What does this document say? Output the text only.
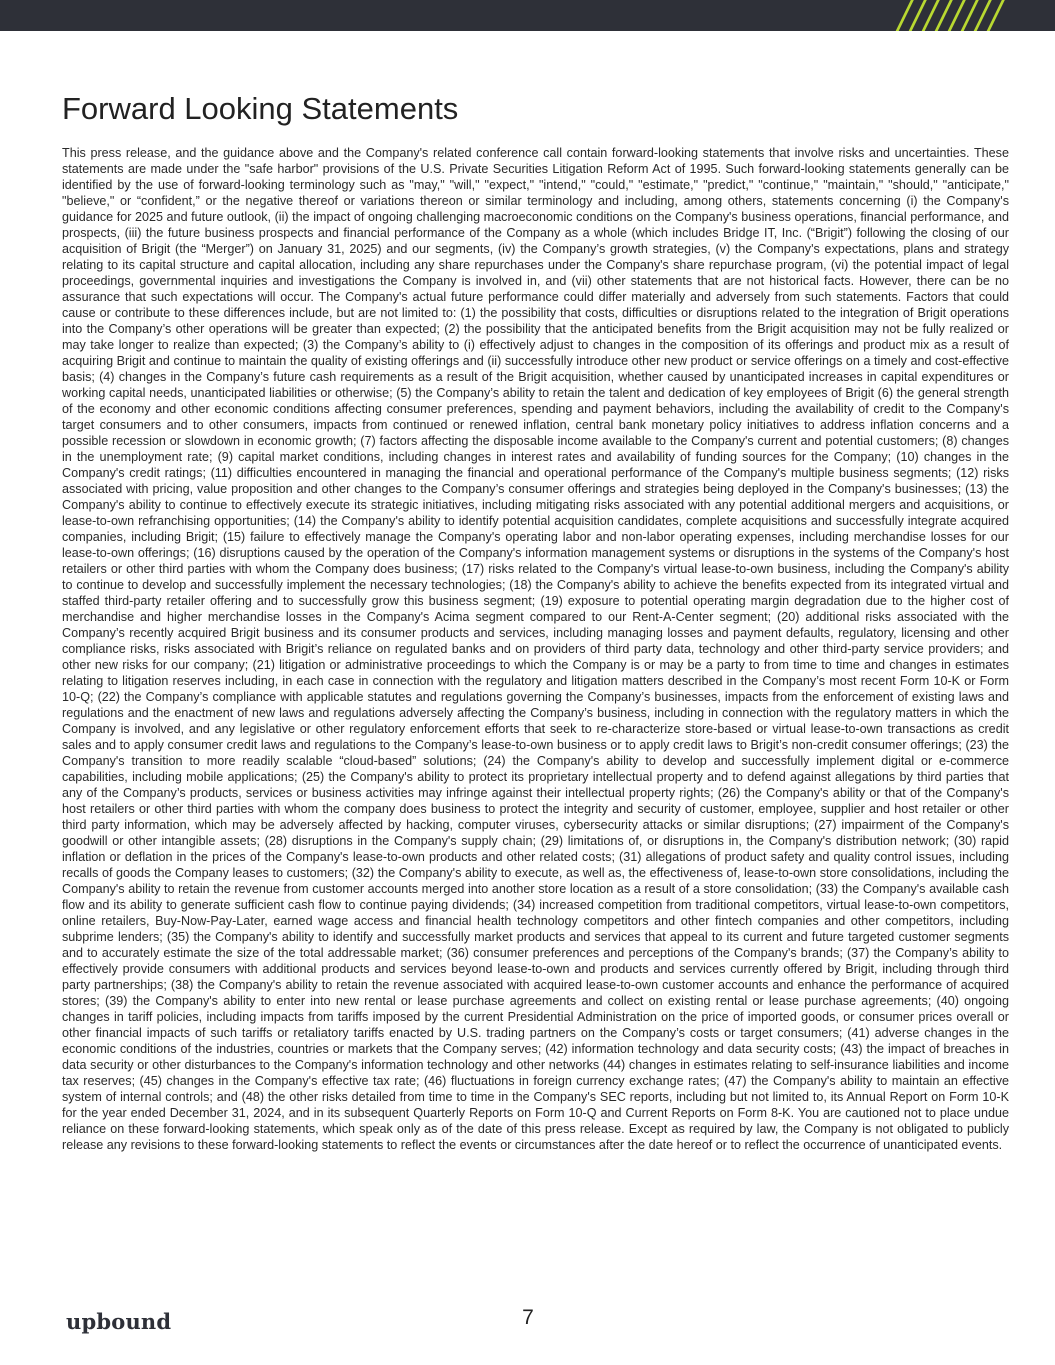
Forward Looking Statements

This press release, and the guidance above and the Company's related conference call contain forward-looking statements that involve risks and uncertainties. These statements are made under the "safe harbor" provisions of the U.S. Private Securities Litigation Reform Act of 1995. Such forward-looking statements generally can be identified by the use of forward-looking terminology such as "may," "will," "expect," "intend," "could," "estimate," "predict," "continue," "maintain," "should," "anticipate," "believe," or “confident,” or the negative thereof or variations thereon or similar terminology and including, among others, statements concerning (i) the Company's guidance for 2025 and future outlook, (ii) the impact of ongoing challenging macroeconomic conditions on the Company's business operations, financial performance, and prospects, (iii) the future business prospects and financial performance of the Company as a whole (which includes Bridge IT, Inc. (“Brigit”) following the closing of our acquisition of Brigit (the “Merger”) on January 31, 2025) and our segments, (iv) the Company’s growth strategies, (v) the Company's expectations, plans and strategy relating to its capital structure and capital allocation, including any share repurchases under the Company's share repurchase program, (vi) the potential impact of legal proceedings, governmental inquiries and investigations the Company is involved in, and (vii) other statements that are not historical facts. However, there can be no assurance that such expectations will occur. The Company's actual future performance could differ materially and adversely from such statements. Factors that could cause or contribute to these differences include, but are not limited to: (1) the possibility that costs, difficulties or disruptions related to the integration of Brigit operations into the Company’s other operations will be greater than expected; (2) the possibility that the anticipated benefits from the Brigit acquisition may not be fully realized or may take longer to realize than expected; (3) the Company’s ability to (i) effectively adjust to changes in the composition of its offerings and product mix as a result of acquiring Brigit and continue to maintain the quality of existing offerings and (ii) successfully introduce other new product or service offerings on a timely and cost-effective basis; (4) changes in the Company’s future cash requirements as a result of the Brigit acquisition, whether caused by unanticipated increases in capital expenditures or working capital needs, unanticipated liabilities or otherwise; (5) the Company’s ability to retain the talent and dedication of key employees of Brigit (6) the general strength of the economy and other economic conditions affecting consumer preferences, spending and payment behaviors, including the availability of credit to the Company's target consumers and to other consumers, impacts from continued or renewed inflation, central bank monetary policy initiatives to address inflation concerns and a possible recession or slowdown in economic growth; (7) factors affecting the disposable income available to the Company's current and potential customers; (8) changes in the unemployment rate; (9) capital market conditions, including changes in interest rates and availability of funding sources for the Company; (10) changes in the Company's credit ratings; (11) difficulties encountered in managing the financial and operational performance of the Company's multiple business segments; (12) risks associated with pricing, value proposition and other changes to the Company’s consumer offerings and strategies being deployed in the Company's businesses; (13) the Company's ability to continue to effectively execute its strategic initiatives, including mitigating risks associated with any potential additional mergers and acquisitions, or lease-to-own refranchising opportunities; (14) the Company's ability to identify potential acquisition candidates, complete acquisitions and successfully integrate acquired companies, including Brigit; (15) failure to effectively manage the Company's operating labor and non-labor operating expenses, including merchandise losses for our lease-to-own offerings; (16) disruptions caused by the operation of the Company's information management systems or disruptions in the systems of the Company's host retailers or other third parties with whom the Company does business; (17) risks related to the Company's virtual lease-to-own business, including the Company's ability to continue to develop and successfully implement the necessary technologies; (18) the Company's ability to achieve the benefits expected from its integrated virtual and staffed third-party retailer offering and to successfully grow this business segment; (19) exposure to potential operating margin degradation due to the higher cost of merchandise and higher merchandise losses in the Company's Acima segment compared to our Rent-A-Center segment; (20) additional risks associated with the Company’s recently acquired Brigit business and its consumer products and services, including managing losses and payment defaults, regulatory, licensing and other compliance risks, risks associated with Brigit’s reliance on regulated banks and on providers of third party data, technology and other third-party service providers; and other new risks for our company; (21) litigation or administrative proceedings to which the Company is or may be a party to from time to time and changes in estimates relating to litigation reserves including, in each case in connection with the regulatory and litigation matters described in the Company’s most recent Form 10-K or Form 10-Q; (22) the Company’s compliance with applicable statutes and regulations governing the Company’s businesses, impacts from the enforcement of existing laws and regulations and the enactment of new laws and regulations adversely affecting the Company’s business, including in connection with the regulatory matters in which the Company is involved, and any legislative or other regulatory enforcement efforts that seek to re-characterize store-based or virtual lease-to-own transactions as credit sales and to apply consumer credit laws and regulations to the Company’s lease-to-own business or to apply credit laws to Brigit’s non-credit consumer offerings; (23) the Company's transition to more readily scalable “cloud-based” solutions; (24) the Company's ability to develop and successfully implement digital or e-commerce capabilities, including mobile applications; (25) the Company's ability to protect its proprietary intellectual property and to defend against allegations by third parties that any of the Company’s products, services or business activities may infringe against their intellectual property rights; (26) the Company's ability or that of the Company's host retailers or other third parties with whom the company does business to protect the integrity and security of customer, employee, supplier and host retailer or other third party information, which may be adversely affected by hacking, computer viruses, cybersecurity attacks or similar disruptions; (27) impairment of the Company's goodwill or other intangible assets; (28) disruptions in the Company's supply chain; (29) limitations of, or disruptions in, the Company's distribution network; (30) rapid inflation or deflation in the prices of the Company's lease-to-own products and other related costs; (31) allegations of product safety and quality control issues, including recalls of goods the Company leases to customers; (32) the Company's ability to execute, as well as, the effectiveness of, lease-to-own store consolidations, including the Company's ability to retain the revenue from customer accounts merged into another store location as a result of a store consolidation; (33) the Company's available cash flow and its ability to generate sufficient cash flow to continue paying dividends; (34) increased competition from traditional competitors, virtual lease-to-own competitors, online retailers, Buy-Now-Pay-Later, earned wage access and financial health technology competitors and other fintech companies and other competitors, including subprime lenders; (35) the Company's ability to identify and successfully market products and services that appeal to its current and future targeted customer segments and to accurately estimate the size of the total addressable market; (36) consumer preferences and perceptions of the Company's brands; (37) the Company’s ability to effectively provide consumers with additional products and services beyond lease-to-own and products and services currently offered by Brigit, including through third party partnerships; (38) the Company's ability to retain the revenue associated with acquired lease-to-own customer accounts and enhance the performance of acquired stores; (39) the Company's ability to enter into new rental or lease purchase agreements and collect on existing rental or lease purchase agreements; (40) ongoing changes in tariff policies, including impacts from tariffs imposed by the current Presidential Administration on the price of imported goods, or consumer prices overall or other financial impacts of such tariffs or retaliatory tariffs enacted by U.S. trading partners on the Company’s costs or target consumers; (41) adverse changes in the economic conditions of the industries, countries or markets that the Company serves; (42) information technology and data security costs; (43) the impact of breaches in data security or other disturbances to the Company's information technology and other networks (44) changes in estimates relating to self-insurance liabilities and income tax reserves; (45) changes in the Company's effective tax rate; (46) fluctuations in foreign currency exchange rates; (47) the Company's ability to maintain an effective system of internal controls; and (48) the other risks detailed from time to time in the Company's SEC reports, including but not limited to, its Annual Report on Form 10-K for the year ended December 31, 2024, and in its subsequent Quarterly Reports on Form 10-Q and Current Reports on Form 8-K. You are cautioned not to place undue reliance on these forward-looking statements, which speak only as of the date of this press release. Except as required by law, the Company is not obligated to publicly release any revisions to these forward-looking statements to reflect the events or circumstances after the date hereof or to reflect the occurrence of unanticipated events.

upbound	7
